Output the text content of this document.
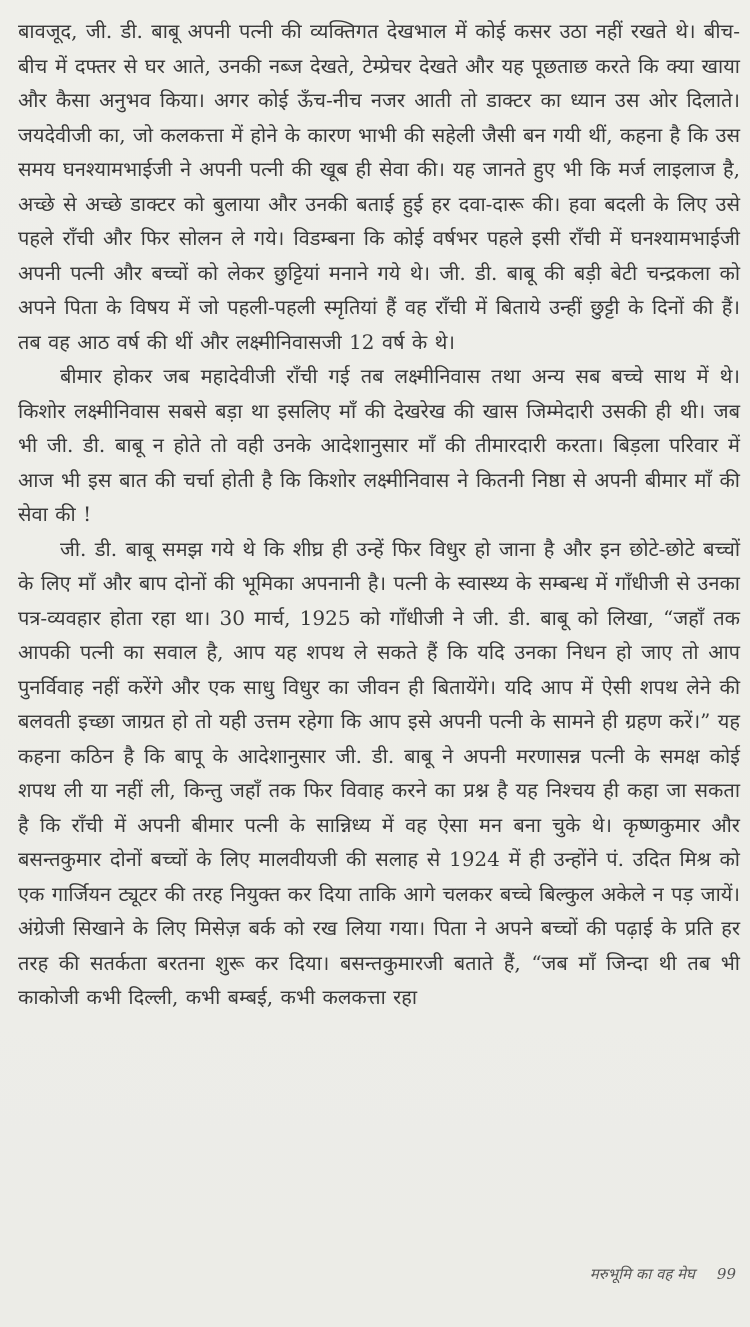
बावजूद, जी. डी. बाबू अपनी पत्नी की व्यक्तिगत देखभाल में कोई कसर उठा नहीं रखते थे। बीच-बीच में दफ्तर से घर आते, उनकी नब्ज देखते, टेम्प्रेचर देखते और यह पूछताछ करते कि क्या खाया और कैसा अनुभव किया। अगर कोई ऊँच-नीच नजर आती तो डाक्टर का ध्यान उस ओर दिलाते। जयदेवीजी का, जो कलकत्ता में होने के कारण भाभी की सहेली जैसी बन गयी थीं, कहना है कि उस समय घनश्यामभाईजी ने अपनी पत्नी की खूब ही सेवा की। यह जानते हुए भी कि मर्ज लाइलाज है, अच्छे से अच्छे डाक्टर को बुलाया और उनकी बताई हुई हर दवा-दारू की। हवा बदली के लिए उसे पहले राँची और फिर सोलन ले गये। विडम्बना कि कोई वर्षभर पहले इसी राँची में घनश्यामभाईजी अपनी पत्नी और बच्चों को लेकर छुट्टियां मनाने गये थे। जी. डी. बाबू की बड़ी बेटी चन्द्रकला को अपने पिता के विषय में जो पहली-पहली स्मृतियां हैं वह राँची में बिताये उन्हीं छुट्टी के दिनों की हैं। तब वह आठ वर्ष की थीं और लक्ष्मीनिवासजी 12 वर्ष के थे।

बीमार होकर जब महादेवीजी राँची गई तब लक्ष्मीनिवास तथा अन्य सब बच्चे साथ में थे। किशोर लक्ष्मीनिवास सबसे बड़ा था इसलिए माँ की देखरेख की खास जिम्मेदारी उसकी ही थी। जब भी जी. डी. बाबू न होते तो वही उनके आदेशानुसार माँ की तीमारदारी करता। बिड़ला परिवार में आज भी इस बात की चर्चा होती है कि किशोर लक्ष्मीनिवास ने कितनी निष्ठा से अपनी बीमार माँ की सेवा की !

जी. डी. बाबू समझ गये थे कि शीघ्र ही उन्हें फिर विधुर हो जाना है और इन छोटे-छोटे बच्चों के लिए माँ और बाप दोनों की भूमिका अपनानी है। पत्नी के स्वास्थ्य के सम्बन्ध में गाँधीजी से उनका पत्र-व्यवहार होता रहा था। 30 मार्च, 1925 को गाँधीजी ने जी. डी. बाबू को लिखा, “जहाँ तक आपकी पत्नी का सवाल है, आप यह शपथ ले सकते हैं कि यदि उनका निधन हो जाए तो आप पुनर्विवाह नहीं करेंगे और एक साधु विधुर का जीवन ही बितायेंगे। यदि आप में ऐसी शपथ लेने की बलवती इच्छा जाग्रत हो तो यही उत्तम रहेगा कि आप इसे अपनी पत्नी के सामने ही ग्रहण करें।” यह कहना कठिन है कि बापू के आदेशानुसार जी. डी. बाबू ने अपनी मरणासन्न पत्नी के समक्ष कोई शपथ ली या नहीं ली, किन्तु जहाँ तक फिर विवाह करने का प्रश्न है यह निश्चय ही कहा जा सकता है कि राँची में अपनी बीमार पत्नी के सान्निध्य में वह ऐसा मन बना चुके थे। कृष्णकुमार और बसन्तकुमार दोनों बच्चों के लिए मालवीयजी की सलाह से 1924 में ही उन्होंने पं. उदित मिश्र को एक गार्जियन ट्यूटर की तरह नियुक्त कर दिया ताकि आगे चलकर बच्चे बिल्कुल अकेले न पड़ जायें। अंग्रेजी सिखाने के लिए मिसेज़ बर्क को रख लिया गया। पिता ने अपने बच्चों की पढ़ाई के प्रति हर तरह की सतर्कता बरतना शुरू कर दिया। बसन्तकुमारजी बताते हैं, “जब माँ जिन्दा थी तब भी काकोजी कभी दिल्ली, कभी बम्बई, कभी कलकत्ता रहा

मरुभूमि का वह मेघ 99
